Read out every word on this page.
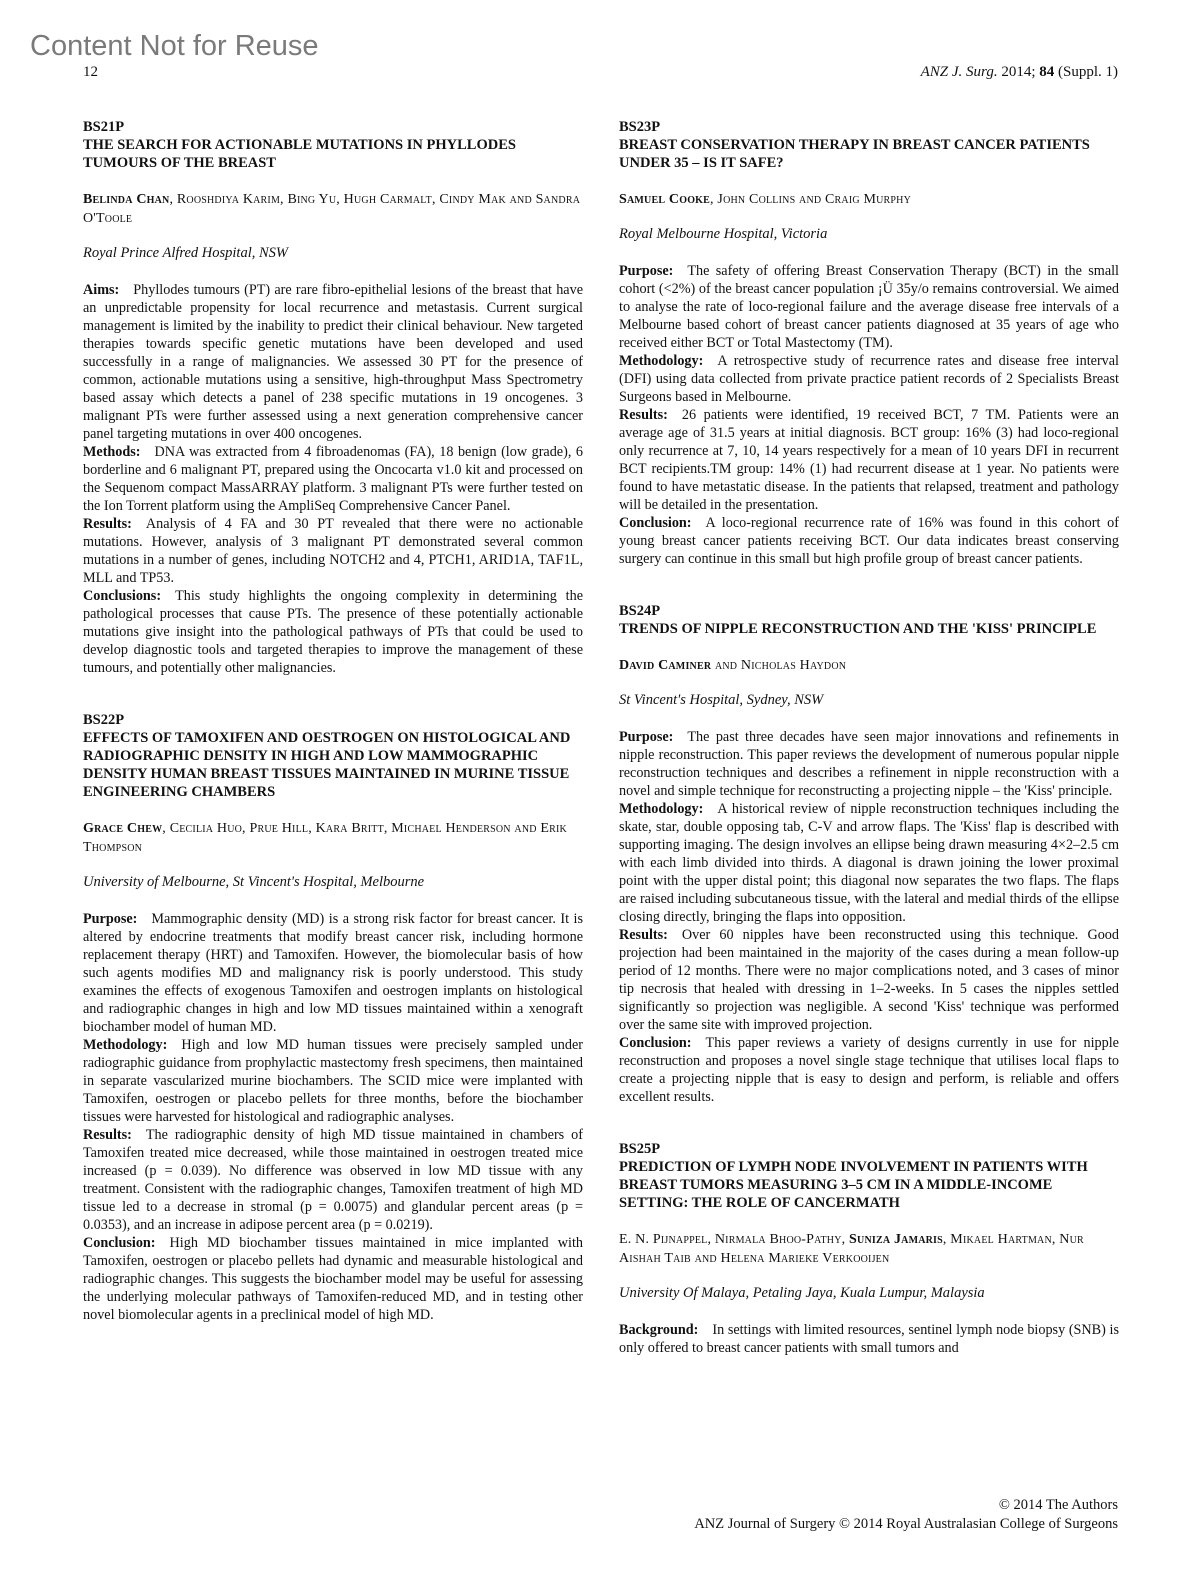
Content Not for Reuse
12	ANZ J. Surg. 2014; 84 (Suppl. 1)
BS21P
THE SEARCH FOR ACTIONABLE MUTATIONS IN PHYLLODES TUMOURS OF THE BREAST
Belinda Chan, Rooshdiya Karim, Bing Yu, Hugh Carmalt, Cindy Mak and Sandra O'Toole
Royal Prince Alfred Hospital, NSW

Aims: Phyllodes tumours (PT) are rare fibro-epithelial lesions of the breast that have an unpredictable propensity for local recurrence and metastasis. Current surgical management is limited by the inability to predict their clinical behaviour. New targeted therapies towards specific genetic mutations have been developed and used successfully in a range of malignancies. We assessed 30 PT for the presence of common, actionable mutations using a sensitive, high-throughput Mass Spectrometry based assay which detects a panel of 238 specific mutations in 19 oncogenes. 3 malignant PTs were further assessed using a next generation comprehensive cancer panel targeting mutations in over 400 oncogenes.

Methods: DNA was extracted from 4 fibroadenomas (FA), 18 benign (low grade), 6 borderline and 6 malignant PT, prepared using the Oncocarta v1.0 kit and processed on the Sequenom compact MassARRAY platform. 3 malignant PTs were further tested on the Ion Torrent platform using the AmpliSeq Comprehensive Cancer Panel.

Results: Analysis of 4 FA and 30 PT revealed that there were no actionable mutations. However, analysis of 3 malignant PT demonstrated several common mutations in a number of genes, including NOTCH2 and 4, PTCH1, ARID1A, TAF1L, MLL and TP53.

Conclusions: This study highlights the ongoing complexity in determining the pathological processes that cause PTs. The presence of these potentially actionable mutations give insight into the pathological pathways of PTs that could be used to develop diagnostic tools and targeted therapies to improve the management of these tumours, and potentially other malignancies.

BS22P
EFFECTS OF TAMOXIFEN AND OESTROGEN ON HISTOLOGICAL AND RADIOGRAPHIC DENSITY IN HIGH AND LOW MAMMOGRAPHIC DENSITY HUMAN BREAST TISSUES MAINTAINED IN MURINE TISSUE ENGINEERING CHAMBERS
Grace Chew, Cecilia Huo, Prue Hill, Kara Britt, Michael Henderson and Erik Thompson
University of Melbourne, St Vincent's Hospital, Melbourne

Purpose: Mammographic density (MD) is a strong risk factor for breast cancer. It is altered by endocrine treatments that modify breast cancer risk, including hormone replacement therapy (HRT) and Tamoxifen. However, the biomolecular basis of how such agents modifies MD and malignancy risk is poorly understood. This study examines the effects of exogenous Tamoxifen and oestrogen implants on histological and radiographic changes in high and low MD tissues maintained within a xenograft biochamber model of human MD.

Methodology: High and low MD human tissues were precisely sampled under radiographic guidance from prophylactic mastectomy fresh specimens, then maintained in separate vascularized murine biochambers. The SCID mice were implanted with Tamoxifen, oestrogen or placebo pellets for three months, before the biochamber tissues were harvested for histological and radiographic analyses.

Results: The radiographic density of high MD tissue maintained in chambers of Tamoxifen treated mice decreased, while those maintained in oestrogen treated mice increased (p = 0.039). No difference was observed in low MD tissue with any treatment. Consistent with the radiographic changes, Tamoxifen treatment of high MD tissue led to a decrease in stromal (p = 0.0075) and glandular percent areas (p = 0.0353), and an increase in adipose percent area (p = 0.0219).

Conclusion: High MD biochamber tissues maintained in mice implanted with Tamoxifen, oestrogen or placebo pellets had dynamic and measurable histological and radiographic changes. This suggests the biochamber model may be useful for assessing the underlying molecular pathways of Tamoxifen-reduced MD, and in testing other novel biomolecular agents in a preclinical model of high MD.

BS23P
BREAST CONSERVATION THERAPY IN BREAST CANCER PATIENTS UNDER 35 – IS IT SAFE?
Samuel Cooke, John Collins and Craig Murphy
Royal Melbourne Hospital, Victoria

Purpose: The safety of offering Breast Conservation Therapy (BCT) in the small cohort (<2%) of the breast cancer population ¡Ü 35y/o remains controversial. We aimed to analyse the rate of loco-regional failure and the average disease free intervals of a Melbourne based cohort of breast cancer patients diagnosed at 35 years of age who received either BCT or Total Mastectomy (TM).

Methodology: A retrospective study of recurrence rates and disease free interval (DFI) using data collected from private practice patient records of 2 Specialists Breast Surgeons based in Melbourne.

Results: 26 patients were identified, 19 received BCT, 7 TM. Patients were an average age of 31.5 years at initial diagnosis. BCT group: 16% (3) had loco-regional only recurrence at 7, 10, 14 years respectively for a mean of 10 years DFI in recurrent BCT recipients.TM group: 14% (1) had recurrent disease at 1 year. No patients were found to have metastatic disease. In the patients that relapsed, treatment and pathology will be detailed in the presentation.

Conclusion: A loco-regional recurrence rate of 16% was found in this cohort of young breast cancer patients receiving BCT. Our data indicates breast conserving surgery can continue in this small but high profile group of breast cancer patients.

BS24P
TRENDS OF NIPPLE RECONSTRUCTION AND THE 'KISS' PRINCIPLE
David Caminer and Nicholas Haydon
St Vincent's Hospital, Sydney, NSW

Purpose: The past three decades have seen major innovations and refinements in nipple reconstruction. This paper reviews the development of numerous popular nipple reconstruction techniques and describes a refinement in nipple reconstruction with a novel and simple technique for reconstructing a projecting nipple – the 'Kiss' principle.

Methodology: A historical review of nipple reconstruction techniques including the skate, star, double opposing tab, C-V and arrow flaps. The 'Kiss' flap is described with supporting imaging. The design involves an ellipse being drawn measuring 4×2–2.5 cm with each limb divided into thirds. A diagonal is drawn joining the lower proximal point with the upper distal point; this diagonal now separates the two flaps. The flaps are raised including subcutaneous tissue, with the lateral and medial thirds of the ellipse closing directly, bringing the flaps into opposition.

Results: Over 60 nipples have been reconstructed using this technique. Good projection had been maintained in the majority of the cases during a mean follow-up period of 12 months. There were no major complications noted, and 3 cases of minor tip necrosis that healed with dressing in 1–2-weeks. In 5 cases the nipples settled significantly so projection was negligible. A second 'Kiss' technique was performed over the same site with improved projection.

Conclusion: This paper reviews a variety of designs currently in use for nipple reconstruction and proposes a novel single stage technique that utilises local flaps to create a projecting nipple that is easy to design and perform, is reliable and offers excellent results.

BS25P
PREDICTION OF LYMPH NODE INVOLVEMENT IN PATIENTS WITH BREAST TUMORS MEASURING 3–5 CM IN A MIDDLE-INCOME SETTING: THE ROLE OF CANCERMATH
E. N. Pijnappel, Nirmala Bhoo-Pathy, Suniza Jamaris, Mikael Hartman, Nur Aishah Taib and Helena Marieke Verkooijen
University Of Malaya, Petaling Jaya, Kuala Lumpur, Malaysia

Background: In settings with limited resources, sentinel lymph node biopsy (SNB) is only offered to breast cancer patients with small tumors and

© 2014 The Authors
ANZ Journal of Surgery © 2014 Royal Australasian College of Surgeons
